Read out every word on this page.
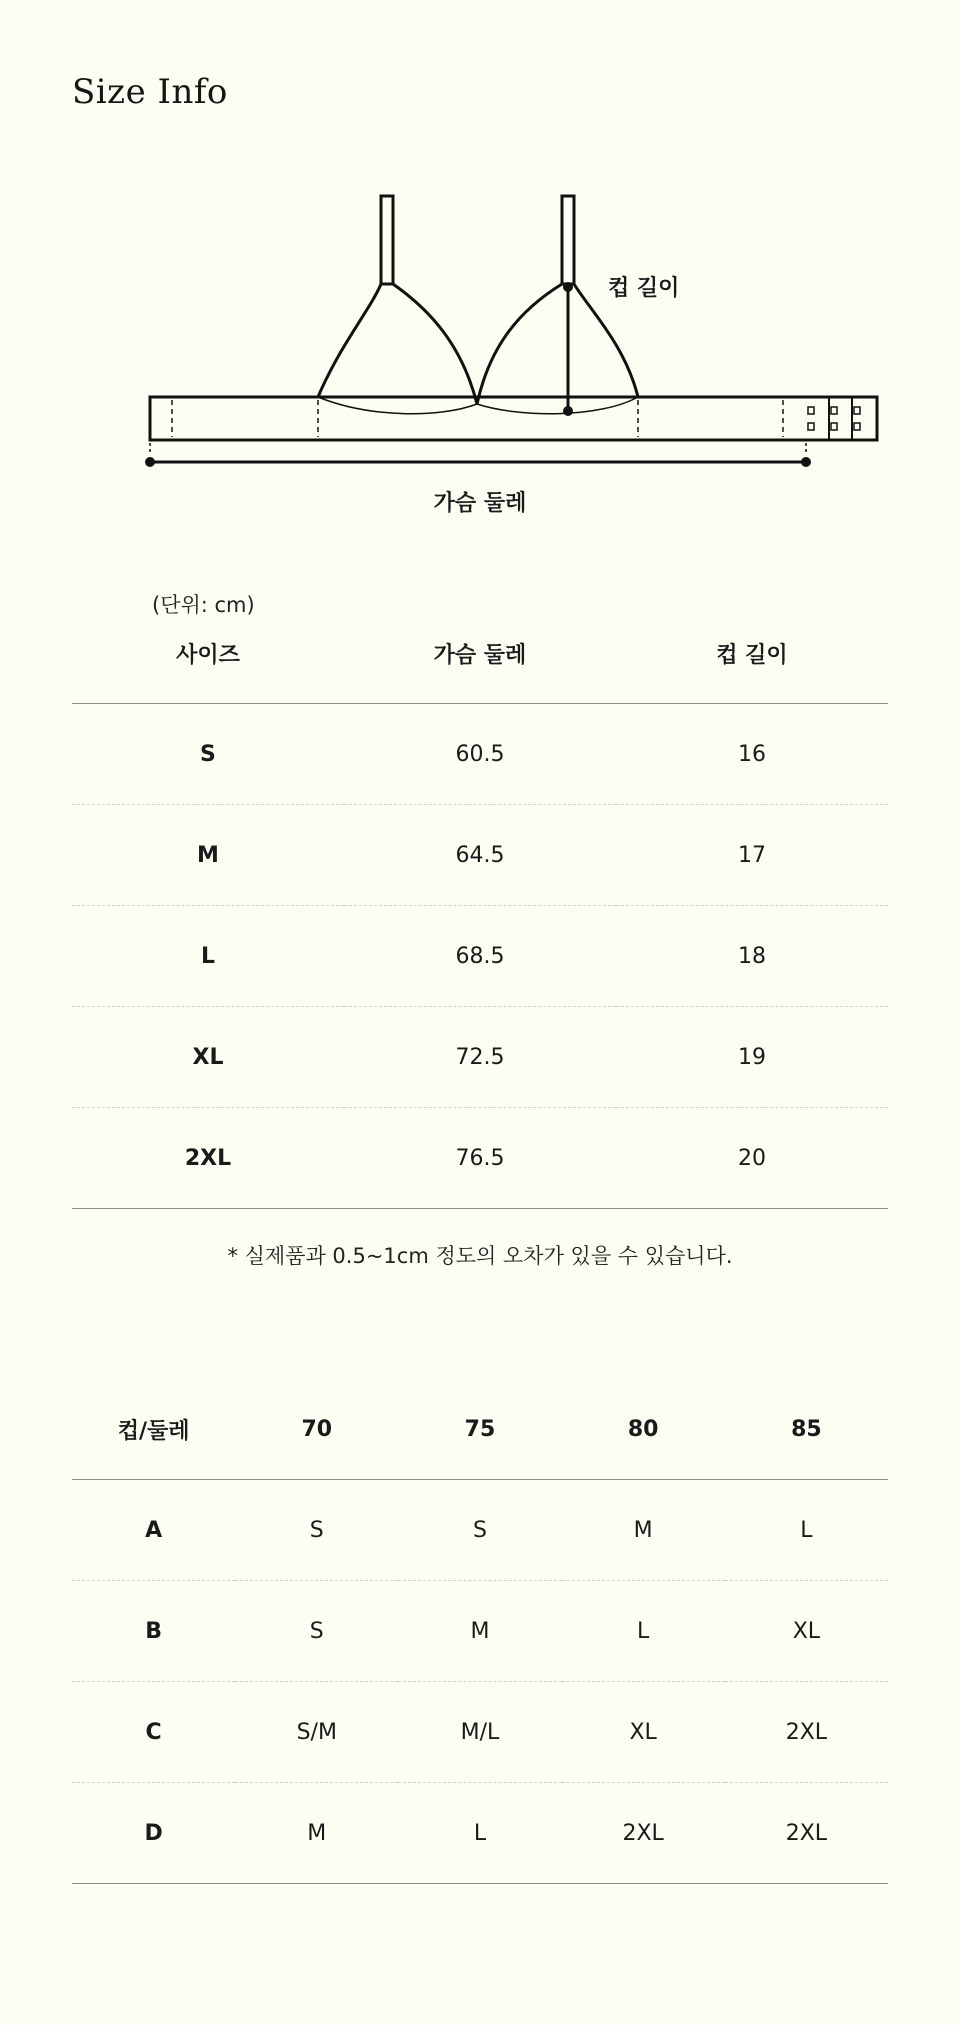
Size Info
컵 길이
가슴 둘레
(단위: cm)
사이즈	가슴 둘레	컵 길이
S	60.5	16
M	64.5	17
L	68.5	18
XL	72.5	19
2XL	76.5	20
* 실제품과 0.5~1cm 정도의 오차가 있을 수 있습니다.
컵/둘레	70	75	80	85
A	S	S	M	L
B	S	M	L	XL
C	S/M	M/L	XL	2XL
D	M	L	2XL	2XL
